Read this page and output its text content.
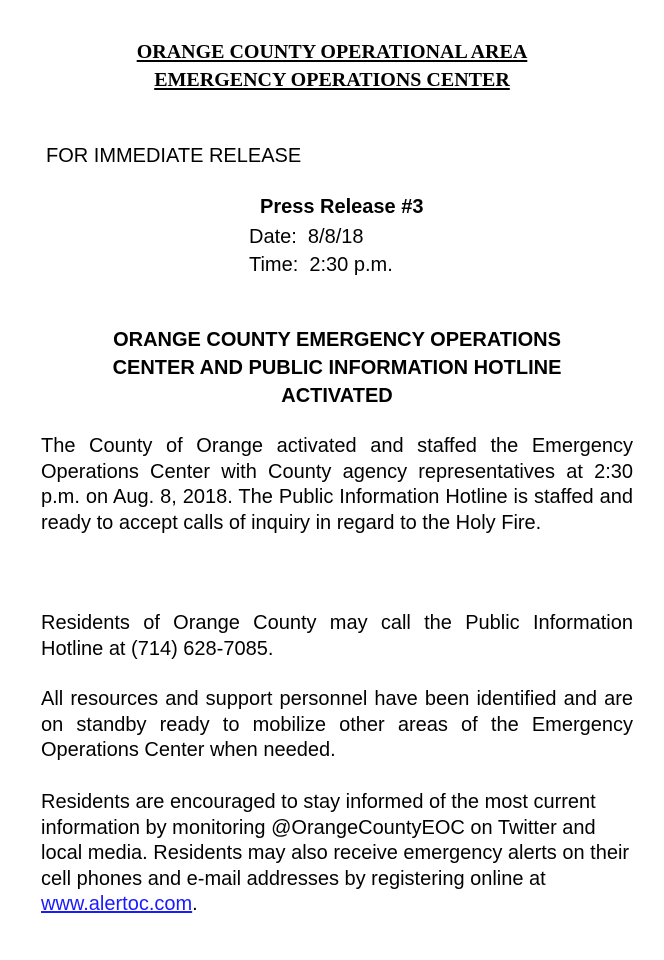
ORANGE COUNTY OPERATIONAL AREA
EMERGENCY OPERATIONS CENTER
FOR IMMEDIATE RELEASE
Press Release #3
Date:  8/8/18
Time:  2:30 p.m.
ORANGE COUNTY EMERGENCY OPERATIONS
CENTER AND PUBLIC INFORMATION HOTLINE
ACTIVATED
The County of Orange activated and staffed the Emergency Operations Center with County agency representatives at 2:30 p.m. on Aug. 8, 2018. The Public Information Hotline is staffed and ready to accept calls of inquiry in regard to the Holy Fire.
Residents of Orange County may call the Public Information Hotline at (714) 628-7085.
All resources and support personnel have been identified and are on standby ready to mobilize other areas of the Emergency Operations Center when needed.
Residents are encouraged to stay informed of the most current information by monitoring @OrangeCountyEOC on Twitter and local media. Residents may also receive emergency alerts on their cell phones and e-mail addresses by registering online at www.alertoc.com.
